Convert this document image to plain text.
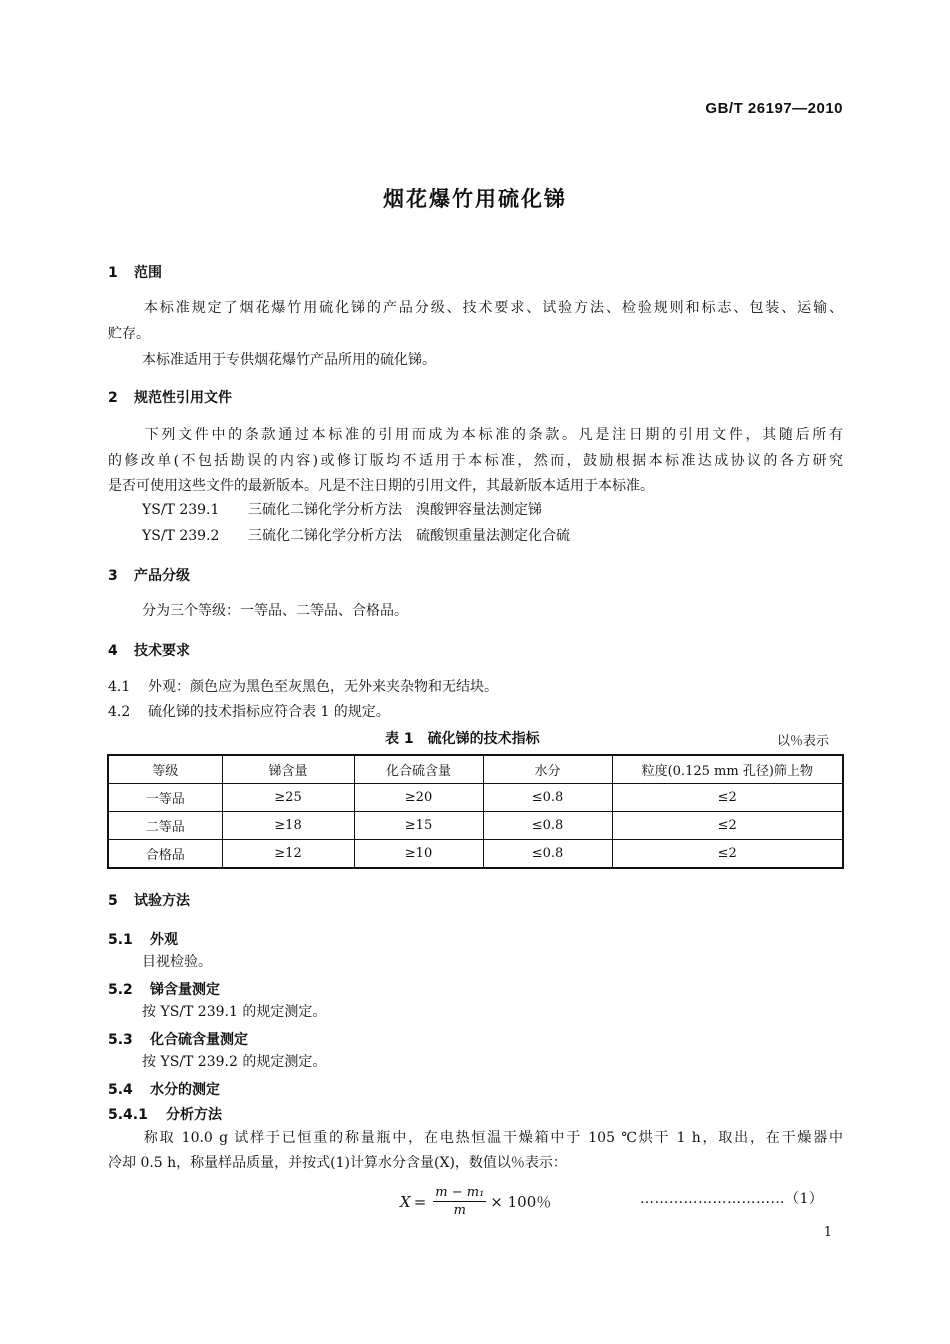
GB/T 26197—2010
烟花爆竹用硫化锑
1 范围
本标准规定了烟花爆竹用硫化锑的产品分级、技术要求、试验方法、检验规则和标志、包装、运输、
贮存。
本标准适用于专供烟花爆竹产品所用的硫化锑。
2 规范性引用文件
下列文件中的条款通过本标准的引用而成为本标准的条款。凡是注日期的引用文件，其随后所有
的修改单(不包括勘误的内容)或修订版均不适用于本标准，然而，鼓励根据本标准达成协议的各方研究
是否可使用这些文件的最新版本。凡是不注日期的引用文件，其最新版本适用于本标准。
YS/T 239.1 三硫化二锑化学分析方法　溴酸钾容量法测定锑
YS/T 239.2 三硫化二锑化学分析方法　硫酸钡重量法测定化合硫
3 产品分级
分为三个等级：一等品、二等品、合格品。
4 技术要求
4.1 外观：颜色应为黑色至灰黑色，无外来夹杂物和无结块。
4.2 硫化锑的技术指标应符合表 1 的规定。
表 1　硫化锑的技术指标	以％表示
等级	锑含量	化合硫含量	水分	粒度(0.125 mm 孔径)筛上物
一等品	≥25	≥20	≤0.8	≤2
二等品	≥18	≥15	≤0.8	≤2
合格品	≥12	≥10	≤0.8	≤2
5 试验方法
5.1 外观
目视检验。
5.2 锑含量测定
按 YS/T 239.1 的规定测定。
5.3 化合硫含量测定
按 YS/T 239.2 的规定测定。
5.4 水分的测定
5.4.1 分析方法
称取 10.0 g 试样于已恒重的称量瓶中，在电热恒温干燥箱中于 105 ℃烘干 1 h，取出，在干燥器中
冷却 0.5 h，称量样品质量，并按式(1)计算水分含量(X)，数值以％表示：
$X = \frac{\text{m − m₁}}{m} \times 100$％	…………………………（1）
1
